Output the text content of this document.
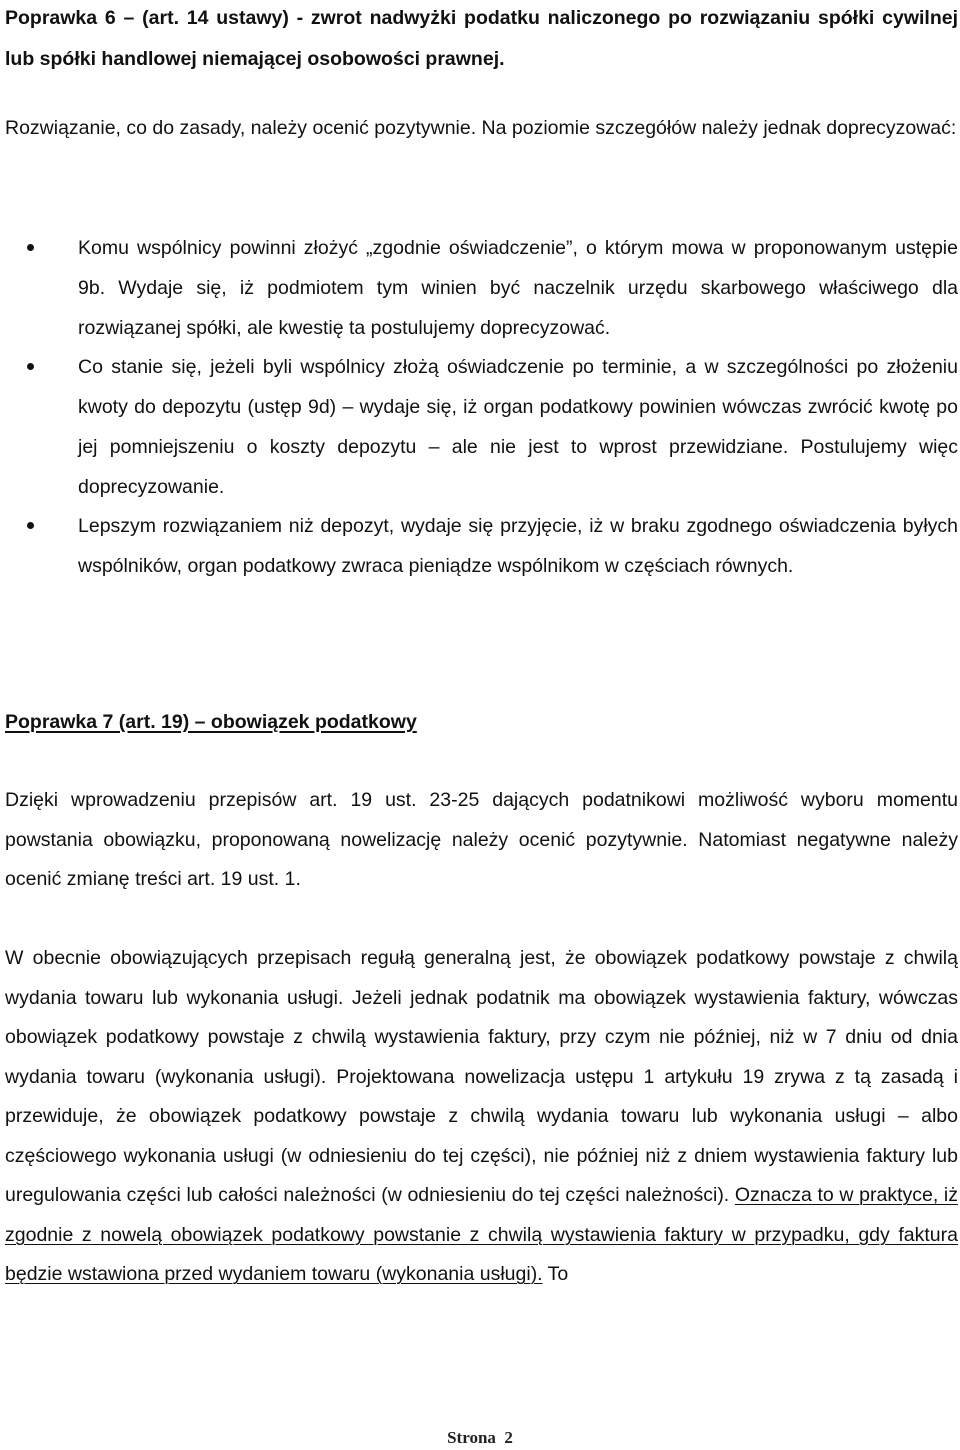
Poprawka 6 – (art. 14 ustawy) - zwrot nadwyżki podatku naliczonego po rozwiązaniu spółki cywilnej lub spółki handlowej niemającej osobowości prawnej.

Rozwiązanie, co do zasady, należy ocenić pozytywnie. Na poziomie szczegółów należy jednak doprecyzować:

Komu wspólnicy powinni złożyć „zgodnie oświadczenie”, o którym mowa w proponowanym ustępie 9b. Wydaje się, iż podmiotem tym winien być naczelnik urzędu skarbowego właściwego dla rozwiązanej spółki, ale kwestię ta postulujemy doprecyzować.
Co stanie się, jeżeli byli wspólnicy złożą oświadczenie po terminie, a w szczególności po złożeniu kwoty do depozytu (ustęp 9d) – wydaje się, iż organ podatkowy powinien wówczas zwrócić kwotę po jej pomniejszeniu o koszty depozytu – ale nie jest to wprost przewidziane. Postulujemy więc doprecyzowanie.
Lepszym rozwiązaniem niż depozyt, wydaje się przyjęcie, iż w braku zgodnego oświadczenia byłych wspólników, organ podatkowy zwraca pieniądze wspólnikom w częściach równych.

Poprawka 7 (art. 19) – obowiązek podatkowy

Dzięki wprowadzeniu przepisów art. 19 ust. 23-25 dających podatnikowi możliwość wyboru momentu powstania obowiązku, proponowaną nowelizację należy ocenić pozytywnie. Natomiast negatywne należy ocenić zmianę treści art. 19 ust. 1.

W obecnie obowiązujących przepisach regułą generalną jest, że obowiązek podatkowy powstaje z chwilą wydania towaru lub wykonania usługi. Jeżeli jednak podatnik ma obowiązek wystawienia faktury, wówczas obowiązek podatkowy powstaje z chwilą wystawienia faktury, przy czym nie później, niż w 7 dniu od dnia wydania towaru (wykonania usługi). Projektowana nowelizacja ustępu 1 artykułu 19 zrywa z tą zasadą i przewiduje, że obowiązek podatkowy powstaje z chwilą wydania towaru lub wykonania usługi – albo częściowego wykonania usługi (w odniesieniu do tej części), nie później niż z dniem wystawienia faktury lub uregulowania części lub całości należności (w odniesieniu do tej części należności). Oznacza to w praktyce, iż zgodnie z nowelą obowiązek podatkowy powstanie z chwilą wystawienia faktury w przypadku, gdy faktura będzie wstawiona przed wydaniem towaru (wykonania usługi). To

Strona  2
